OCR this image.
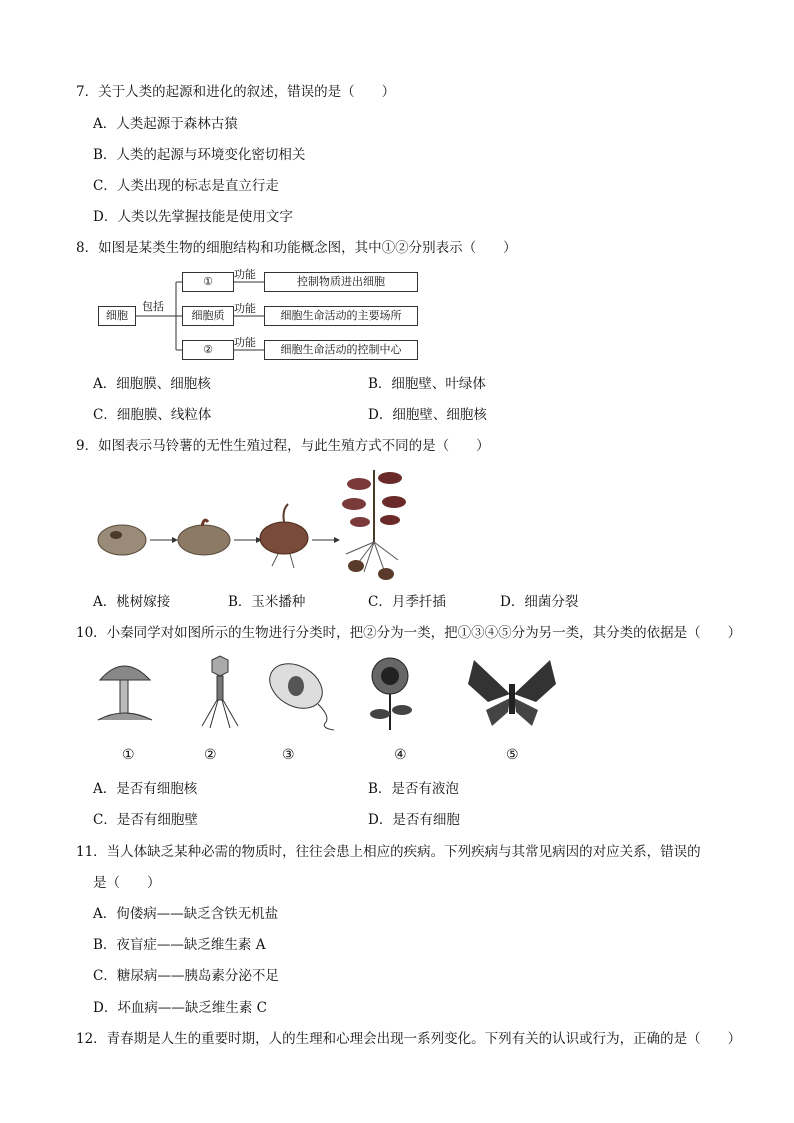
7．关于人类的起源和进化的叙述，错误的是（　　）
A．人类起源于森林古猿
B．人类的起源与环境变化密切相关
C．人类出现的标志是直立行走
D．人类以先掌握技能是使用文字
8．如图是某类生物的细胞结构和功能概念图，其中①②分别表示（　　）
细胞
包括
①
细胞质
②
功能
功能
功能
控制物质进出细胞
细胞生命活动的主要场所
细胞生命活动的控制中心
A．细胞膜、细胞核	B．细胞壁、叶绿体
C．细胞膜、线粒体	D．细胞壁、细胞核
9．如图表示马铃薯的无性生殖过程，与此生殖方式不同的是（　　）
A．桃树嫁接	B．玉米播种	C．月季扦插	D．细菌分裂
10．小秦同学对如图所示的生物进行分类时，把②分为一类，把①③④⑤分为另一类，其分类的依据是（　　）
①	②	③	④	⑤
A．是否有细胞核	B．是否有液泡
C．是否有细胞壁	D．是否有细胞
11．当人体缺乏某种必需的物质时，往往会患上相应的疾病。下列疾病与其常见病因的对应关系，错误的
是（　　）
A．佝偻病——缺乏含铁无机盐
B．夜盲症——缺乏维生素 A
C．糖尿病——胰岛素分泌不足
D．坏血病——缺乏维生素 C
12．青春期是人生的重要时期，人的生理和心理会出现一系列变化。下列有关的认识或行为，正确的是（　　）
